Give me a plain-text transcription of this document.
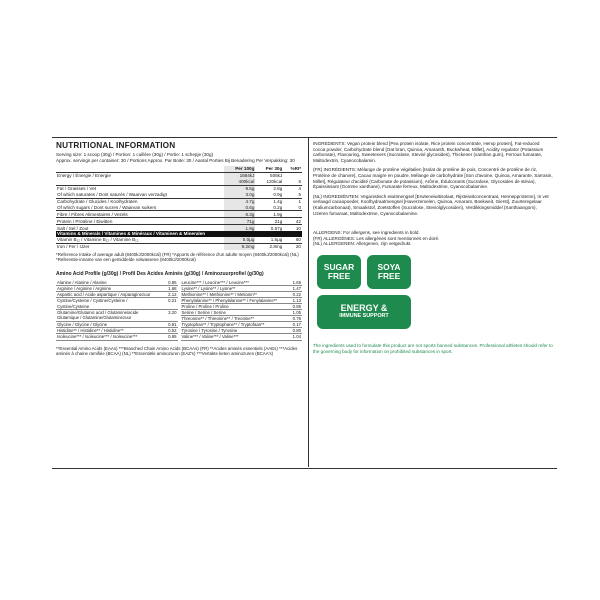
NUTRITIONAL INFORMATION
Serving size: 1 scoop (30g) / Portion: 1 cuillère (30g) / Portie: 1 schepje (30g)
Approx. servings per container: 30 / Portions Approx. Par Boite: 30 / Aantal Porties Bij Benadering Per Verpakking: 30
	Per 100g	Per 30g	%RI*
Energy / Énergie / Energie	1684kJ	505kJ	
	400kcal	120kcal	6
Fat / Graisses / Vet	9.5g	2.8g	4
Of which saturates / Dont saturés / Waarvan verzadigt	3.0g	0.9g	5
Carbohydrate / Glucides / Koolhydraten	4.7g	1.4g	1
Of which sugars / Dont sucres / Waarvan suikers	0.6g	0.2g	0
Fibre / Fibres Alimentaires / Vezels	6.3g	1.9g	
Protein / Protéine / Eiwitten	71g	21g	42
Salt / Sel / Zout	1.9g	0.57g	10
Vitamins & Minerals / Vitamines & Minéraux / Vitaminen & Mineralen			
Vitamin B₁₂ / Vitamine B₁₂ / Vitamine B₁₂	5.0μg	1.5μg	60
Iron / Fer / IJzer	9.2mg	2.8mg	20
*Reference Intake of average adult (8400kJ/2000kcal) (FR) *Apports de référence d'un adulte moyen (8400kJ/2000kcal) (NL) *Referentie-inname van een gemiddelde volwassene (8400kJ/2000kcal)
Amino Acid Profile (g/30g) / Profil Des Acides Aminés (g/30g) / Aminozuurprofiel (g/30g)
Alanine / Alanine / Alanine	0.85
Arginine / Arginine / Arginine	1.68
Aspartic acid / Acide aspartique / Asparaginezuur	2.12
Cystine/Cysteine / Cystine/Cysteine / Cystine/Cysteine	0.21
Glutamine/Glutamic acid / Glutamine/acide Glutamique / Glutamine/Glutaminezuur	3.20
Glycine / Glycine / Glycine	0.81
Histidine** / Histidine** / Histidine**	0.52
Isoleucine*** / Isoleucine*** / Isoleucine***	0.95
Leucine*** / Leucine*** / Leucine***	1.65
Lysine** / Lysine** / Lysine**	1.47
Methionine** / Methionine** / Metionin**	0.22
Phenylalanine** / Phenylalanine** / Fenylalanine**	1.13
Proline / Proline / Proline	0.85
Serine / Serine / Serine	1.05
Threonine** / Threonine** / Treonine**	0.76
Tryptophan** / Tryptophane** / Tryptofaan**	0.17
Tyrosine / Tyrosine / Tyrosine	0.80
Valine*** / Valine*** / Valine***	1.04
**Essential Amino Acids (EAAs) ***Branched Chain Amino Acids (BCAAs) (FR) **Acides aminés essentiels (AAEs) ***Acides aminés à chaine ramifiée (BCAA) (NL) **Essentiële aminozuren (EAZ's) ***Vertakte keten aminozuren (BCAA's)
INGREDIENTS: Vegan protein blend [Pea protein isolate, Rice protein concentrate, Hemp protein], Fat-reduced cocoa powder, Carbohydrate blend [Oat bran, Quinoa, Amaranth, Buckwheat, Millet], Acidity regulator (Potassium carbonate), Flavouring, Sweeteners (Sucralose, Steviol glycosides), Thickener (xanthan gum), Ferrous fumarate, Maltodextrin, Cyanocobalamin.
(FR) INGRÉDIENTS: Mélange de protéine végétalien [Isolat de protéine de pois, Concentré de protéine de riz, Protéine de chanvre], Cacao maigre en poudre, Mélange de carbohydrate [Son d'avoine, Quinoa, Amarante, Sarrasin, Millet], Régulateur d'acidité (Carbonate de potassium), Arôme, Édulcorants (Sucralose, Glycosides de stévia), Épaississant (Gomme xanthane), Fumarate ferreux, Maltodextrine, Cyanocobalamine.
(NL) INGREDIËNTEN: Veganistisch eiwitmengsel [Erwteneiwitisolaat, Rijsteiwitconcentraat, Hennepproteïne], In vet verlaagd cacaopoeder, Koolhydraatmengsel [Haverzemelen, Quinoa, Amarant, Boekweit, Gierst], Zuurteregelaar (Kaliumcarbonaat), Smaakstof, Zoetstoffen (Sucralose, Steviolglycosiden), Verdikkingsmiddel (Xanthaangom), IJzeren fumaraat, Maltodextrine, Cyanocobalamine.
ALLERGENS: For allergens, see ingredients in bold.
(FR) ALLERGÈNES: Les allergènes sont mentionnés en doré.
(NL) ALLERGENEN: Allergenen, zijn vetgedrukt.
SUGAR
FREE
SOYA
FREE
ENERGY &
IMMUNE SUPPORT
The ingredients used to formulate this product are not sports banned substances. Professional athletes should refer to the governing body for information on prohibited substances in sport.
